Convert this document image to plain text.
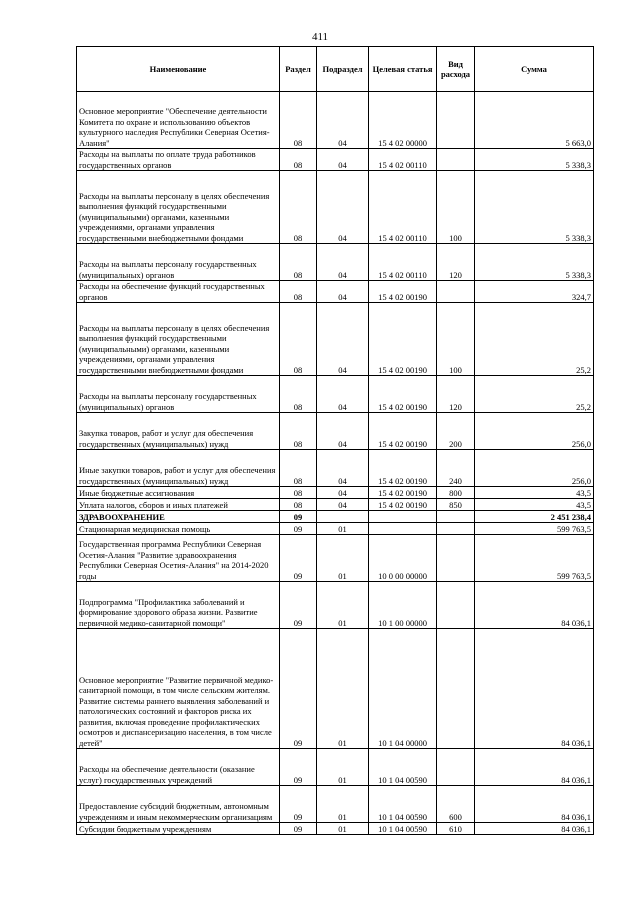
411
Наименование	Раздел	Подраздел	Целевая статья	Вид расхода	Сумма
Основное мероприятие "Обеспечение деятельности Комитета по охране и использованию объектов культурного наследия Республики Северная Осетия-Алания"	08	04	15 4 02 00000		5 663,0
Расходы на выплаты по оплате труда работников государственных органов	08	04	15 4 02 00110		5 338,3
Расходы на выплаты персоналу в целях обеспечения выполнения функций государственными (муниципальными) органами, казенными учреждениями, органами управления государственными внебюджетными фондами	08	04	15 4 02 00110	100	5 338,3
Расходы на выплаты персоналу государственных (муниципальных) органов	08	04	15 4 02 00110	120	5 338,3
Расходы на обеспечение функций государственных органов	08	04	15 4 02 00190		324,7
Расходы на выплаты персоналу в целях обеспечения выполнения функций государственными (муниципальными) органами, казенными учреждениями, органами управления государственными внебюджетными фондами	08	04	15 4 02 00190	100	25,2
Расходы на выплаты персоналу государственных (муниципальных) органов	08	04	15 4 02 00190	120	25,2
Закупка товаров, работ и услуг для обеспечения государственных (муниципальных) нужд	08	04	15 4 02 00190	200	256,0
Иные закупки товаров, работ и услуг для обеспечения государственных (муниципальных) нужд	08	04	15 4 02 00190	240	256,0
Иные бюджетные ассигнования	08	04	15 4 02 00190	800	43,5
Уплата налогов, сборов и иных платежей	08	04	15 4 02 00190	850	43,5
ЗДРАВООХРАНЕНИЕ	09				2 451 238,4
Стационарная медицинская помощь	09	01			599 763,5
Государственная программа Республики Северная Осетия-Алания "Развитие здравоохранения Республики Северная Осетия-Алания" на 2014-2020 годы	09	01	10 0 00 00000		599 763,5
Подпрограмма "Профилактика заболеваний и формирование здорового образа жизни. Развитие первичной медико-санитарной помощи"	09	01	10 1 00 00000		84 036,1
Основное мероприятие "Развитие первичной медико-санитарной помощи, в том числе сельским жителям. Развитие системы раннего выявления заболеваний и патологических состояний и факторов риска их развития, включая проведение профилактических осмотров и диспансеризацию населения, в том числе детей"	09	01	10 1 04 00000		84 036,1
Расходы на обеспечение деятельности (оказание услуг) государственных учреждений	09	01	10 1 04 00590		84 036,1
Предоставление субсидий бюджетным, автономным учреждениям и иным некоммерческим организациям	09	01	10 1 04 00590	600	84 036,1
Субсидии бюджетным учреждениям	09	01	10 1 04 00590	610	84 036,1
